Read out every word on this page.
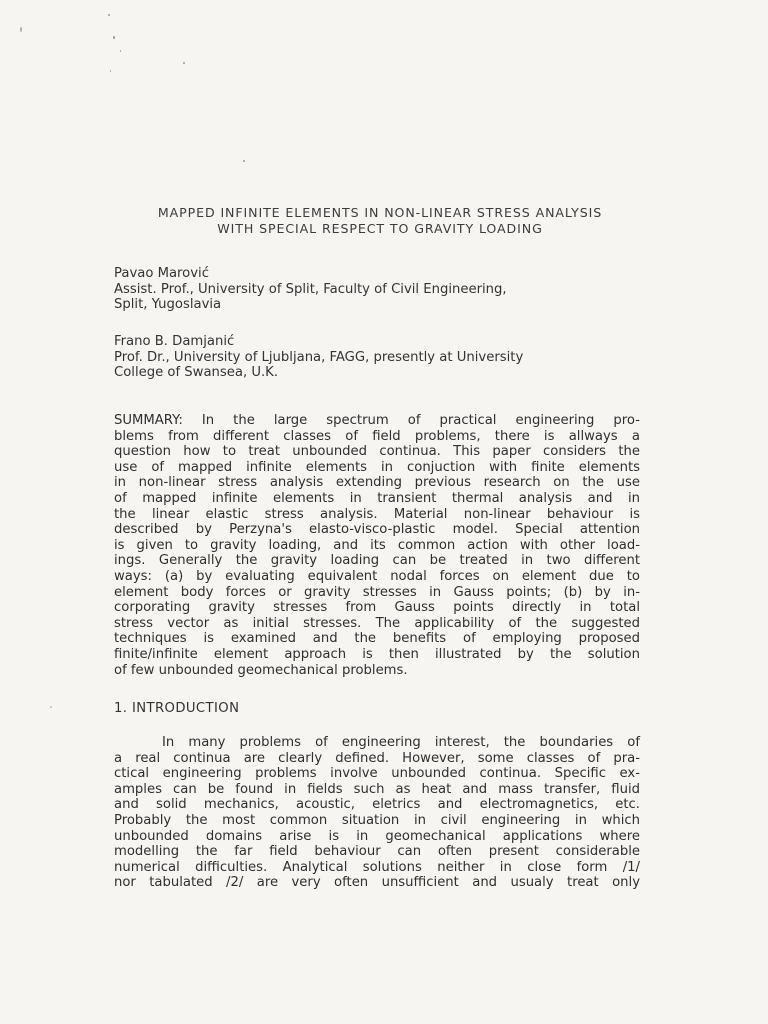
MAPPED INFINITE ELEMENTS IN NON-LINEAR STRESS ANALYSIS
WITH SPECIAL RESPECT TO GRAVITY LOADING
Pavao Marović
Assist. Prof., University of Split, Faculty of Civil Engineering,
Split, Yugoslavia
Frano B. Damjanić
Prof. Dr., University of Ljubljana, FAGG, presently at University
College of Swansea, U.K.
SUMMARY: In the large spectrum of practical engineering pro-
blems from different classes of field problems, there is allways a
question how to treat unbounded continua. This paper considers the
use of mapped infinite elements in conjuction with finite elements
in non-linear stress analysis extending previous research on the use
of mapped infinite elements in transient thermal analysis and in
the linear elastic stress analysis. Material non-linear behaviour is
described by Perzyna's elasto-visco-plastic model. Special attention
is given to gravity loading, and its common action with other load-
ings. Generally the gravity loading can be treated in two different
ways: (a) by evaluating equivalent nodal forces on element due to
element body forces or gravity stresses in Gauss points; (b) by in-
corporating gravity stresses from Gauss points directly in total
stress vector as initial stresses. The applicability of the suggested
techniques is examined and the benefits of employing proposed
finite/infinite element approach is then illustrated by the solution
of few unbounded geomechanical problems.
1. INTRODUCTION
In many problems of engineering interest, the boundaries of
a real continua are clearly defined. However, some classes of pra-
ctical engineering problems involve unbounded continua. Specific ex-
amples can be found in fields such as heat and mass transfer, fluid
and solid mechanics, acoustic, eletrics and electromagnetics, etc.
Probably the most common situation in civil engineering in which
unbounded domains arise is in geomechanical applications where
modelling the far field behaviour can often present considerable
numerical difficulties. Analytical solutions neither in close form /1/
nor tabulated /2/ are very often unsufficient and usualy treat only
